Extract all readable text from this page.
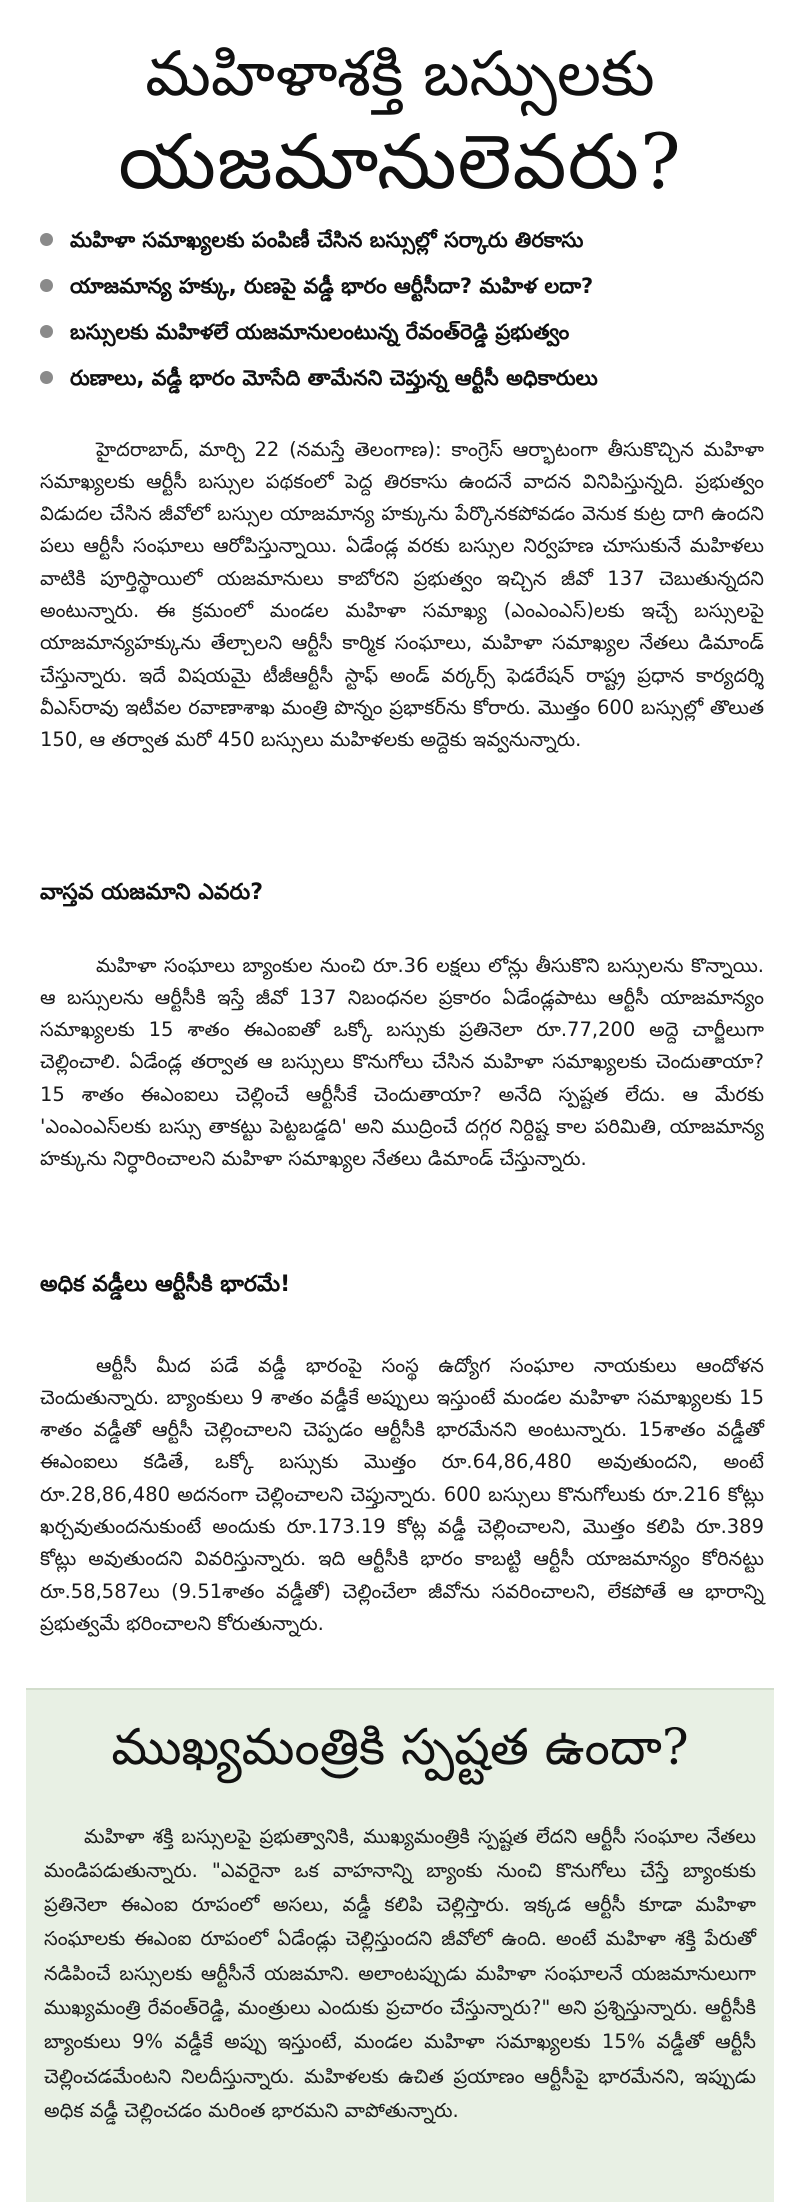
మహిళాశక్తి బస్సులకు
యజమానులెవరు?
మహిళా సమాఖ్యలకు పంపిణీ చేసిన బస్సుల్లో సర్కారు తిరకాసు
యాజమాన్య హక్కు, రుణపై వడ్డీ భారం ఆర్టీసీదా? మహిళ లదా?
బస్సులకు మహిళలే యజమానులంటున్న రేవంత్‌రెడ్డి ప్రభుత్వం
రుణాలు, వడ్డీ భారం మోసేది తామేనని చెప్తున్న ఆర్టీసీ అధికారులు

హైదరాబాద్, మార్చి 22 (నమస్తే తెలంగాణ): కాంగ్రెస్ ఆర్భాటంగా తీసుకొచ్చిన మహిళా సమాఖ్యలకు ఆర్టీసీ బస్సుల పథకంలో పెద్ద తిరకాసు ఉందనే వాదన వినిపిస్తున్నది. ప్రభుత్వం విడుదల చేసిన జీవోలో బస్సుల యాజమాన్య హక్కును పేర్కొనకపోవడం వెనుక కుట్ర దాగి ఉందని పలు ఆర్టీసీ సంఘాలు ఆరోపిస్తున్నాయి. ఏడేండ్ల వరకు బస్సుల నిర్వహణ చూసుకునే మహిళలు వాటికి పూర్తిస్థాయిలో యజమానులు కాబోరని ప్రభుత్వం ఇచ్చిన జీవో 137 చెబుతున్నదని అంటున్నారు. ఈ క్రమంలో మండల మహిళా సమాఖ్య (ఎంఎంఎస్)లకు ఇచ్చే బస్సులపై యాజమాన్యహక్కును తేల్చాలని ఆర్టీసీ కార్మిక సంఘాలు, మహిళా సమాఖ్యల నేతలు డిమాండ్ చేస్తున్నారు. ఇదే విషయమై టీజీఆర్టీసీ స్టాఫ్ అండ్ వర్కర్స్ ఫెడరేషన్ రాష్ట్ర ప్రధాన కార్యదర్శి వీఎస్‌రావు ఇటీవల రవాణాశాఖ మంత్రి పొన్నం ప్రభాకర్‌ను కోరారు. మొత్తం 600 బస్సుల్లో తొలుత 150, ఆ తర్వాత మరో 450 బస్సులు మహిళలకు అద్దెకు ఇవ్వనున్నారు.

వాస్తవ యజమాని ఎవరు?

మహిళా సంఘాలు బ్యాంకుల నుంచి రూ.36 లక్షలు లోన్లు తీసుకొని బస్సులను కొన్నాయి. ఆ బస్సులను ఆర్టీసీకి ఇస్తే జీవో 137 నిబంధనల ప్రకారం ఏడేండ్లపాటు ఆర్టీసీ యాజమాన్యం సమాఖ్యలకు 15 శాతం ఈఎంఐతో ఒక్కో బస్సుకు ప్రతినెలా రూ.77,200 అద్దె చార్జీలుగా చెల్లించాలి. ఏడేండ్ల తర్వాత ఆ బస్సులు కొనుగోలు చేసిన మహిళా సమాఖ్యలకు చెందుతాయా? 15 శాతం ఈఎంఐలు చెల్లించే ఆర్టీసీకే చెందుతాయా? అనేది స్పష్టత లేదు. ఆ మేరకు 'ఎంఎంఎస్‌లకు బస్సు తాకట్టు పెట్టబడ్డది' అని ముద్రించే దగ్గర నిర్దిష్ట కాల పరిమితి, యాజమాన్య హక్కును నిర్ధారించాలని మహిళా సమాఖ్యల నేతలు డిమాండ్ చేస్తున్నారు.

అధిక వడ్డీలు ఆర్టీసీకి భారమే!

ఆర్టీసీ మీద పడే వడ్డీ భారంపై సంస్థ ఉద్యోగ సంఘాల నాయకులు ఆందోళన చెందుతున్నారు. బ్యాంకులు 9 శాతం వడ్డీకే అప్పులు ఇస్తుంటే మండల మహిళా సమాఖ్యలకు 15 శాతం వడ్డీతో ఆర్టీసీ చెల్లించాలని చెప్పడం ఆర్టీసీకి భారమేనని అంటున్నారు. 15శాతం వడ్డీతో ఈఎంఐలు కడితే, ఒక్కో బస్సుకు మొత్తం రూ.64,86,480 అవుతుందని, అంటే రూ.28,86,480 అదనంగా చెల్లించాలని చెప్తున్నారు. 600 బస్సులు కొనుగోలుకు రూ.216 కోట్లు ఖర్చవుతుందనుకుంటే అందుకు రూ.173.19 కోట్ల వడ్డీ చెల్లించాలని, మొత్తం కలిపి రూ.389 కోట్లు అవుతుందని వివరిస్తున్నారు. ఇది ఆర్టీసీకి భారం కాబట్టి ఆర్టీసీ యాజమాన్యం కోరినట్టు రూ.58,587లు (9.51శాతం వడ్డీతో) చెల్లించేలా జీవోను సవరించాలని, లేకపోతే ఆ భారాన్ని ప్రభుత్వమే భరించాలని కోరుతున్నారు.

ముఖ్యమంత్రికి స్పష్టత ఉందా?

మహిళా శక్తి బస్సులపై ప్రభుత్వానికి, ముఖ్యమంత్రికి స్పష్టత లేదని ఆర్టీసీ సంఘాల నేతలు మండిపడుతున్నారు. "ఎవరైనా ఒక వాహనాన్ని బ్యాంకు నుంచి కొనుగోలు చేస్తే బ్యాంకుకు ప్రతినెలా ఈఎంఐ రూపంలో అసలు, వడ్డీ కలిపి చెల్లిస్తారు. ఇక్కడ ఆర్టీసీ కూడా మహిళా సంఘాలకు ఈఎంఐ రూపంలో ఏడేండ్లు చెల్లిస్తుందని జీవోలో ఉంది. అంటే మహిళా శక్తి పేరుతో నడిపించే బస్సులకు ఆర్టీసీనే యజమాని. అలాంటప్పుడు మహిళా సంఘాలనే యజమానులుగా ముఖ్యమంత్రి రేవంత్‌రెడ్డి, మంత్రులు ఎందుకు ప్రచారం చేస్తున్నారు?" అని ప్రశ్నిస్తున్నారు. ఆర్టీసీకి బ్యాంకులు 9% వడ్డీకే అప్పు ఇస్తుంటే, మండల మహిళా సమాఖ్యలకు 15% వడ్డీతో ఆర్టీసీ చెల్లించడమేంటని నిలదీస్తున్నారు. మహిళలకు ఉచిత ప్రయాణం ఆర్టీసీపై భారమేనని, ఇప్పుడు అధిక వడ్డీ చెల్లించడం మరింత భారమని వాపోతున్నారు.
